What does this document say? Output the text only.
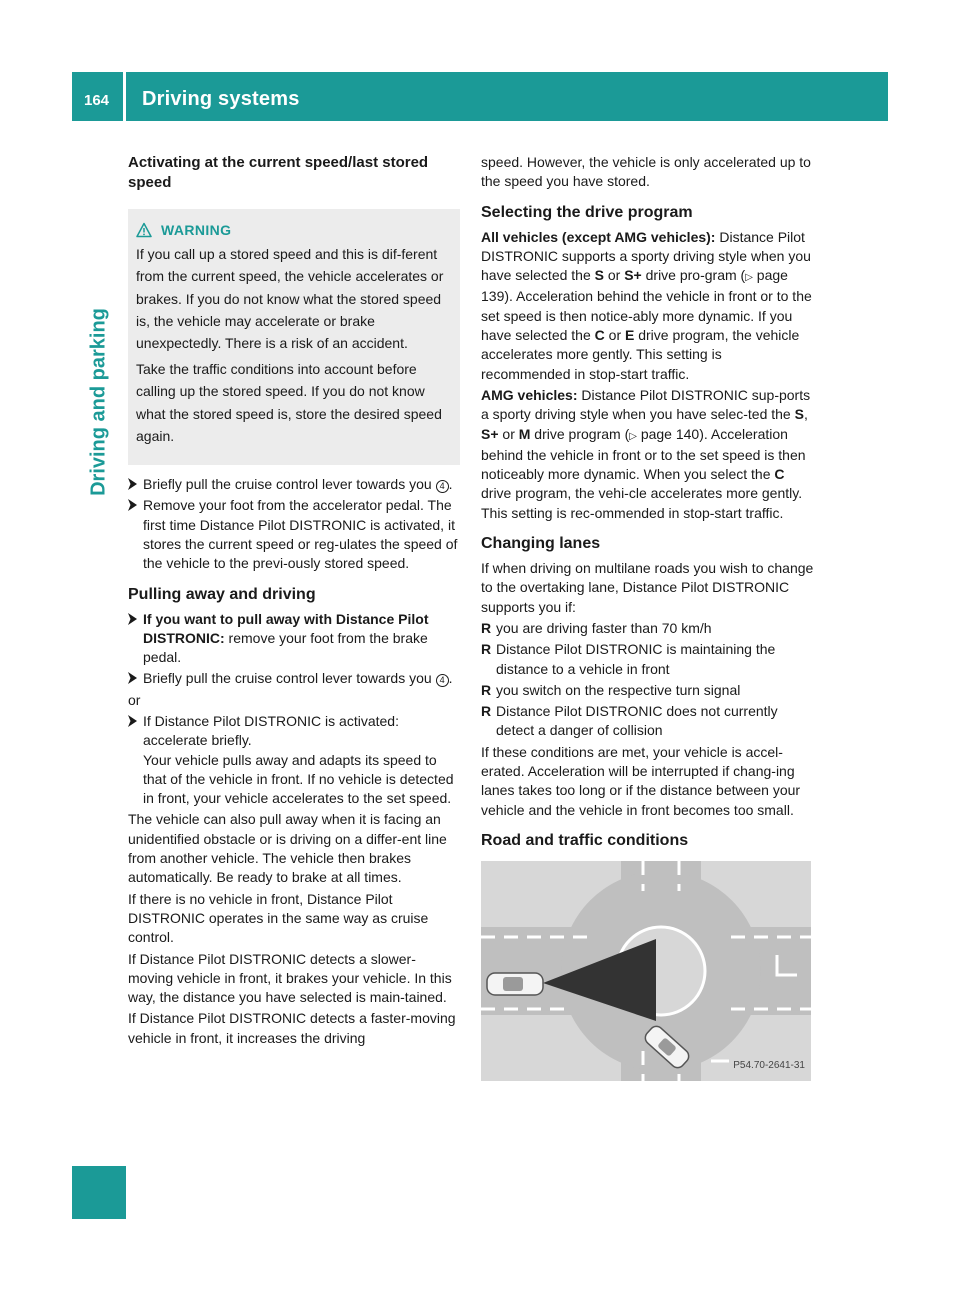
164	Driving systems
Driving and parking
Activating at the current speed/last stored speed
WARNING

If you call up a stored speed and this is dif-ferent from the current speed, the vehicle accelerates or brakes. If you do not know what the stored speed is, the vehicle may accelerate or brake unexpectedly. There is a risk of an accident.

Take the traffic conditions into account before calling up the stored speed. If you do not know what the stored speed is, store the desired speed again.

Briefly pull the cruise control lever towards you 4 .
Remove your foot from the accelerator pedal. The first time Distance Pilot DISTRONIC is activated, it stores the current speed or reg-ulates the speed of the vehicle to the previ-ously stored speed.
Pulling away and driving
If you want to pull away with Distance Pilot DISTRONIC: remove your foot from the brake pedal.
Briefly pull the cruise control lever towards you 4 .

or

If Distance Pilot DISTRONIC is activated: accelerate briefly.
Your vehicle pulls away and adapts its speed to that of the vehicle in front. If no vehicle is detected in front, your vehicle accelerates to the set speed.

The vehicle can also pull away when it is facing an unidentified obstacle or is driving on a differ-ent line from another vehicle. The vehicle then brakes automatically. Be ready to brake at all times.

If there is no vehicle in front, Distance Pilot DISTRONIC operates in the same way as cruise control.

If Distance Pilot DISTRONIC detects a slower-moving vehicle in front, it brakes your vehicle. In this way, the distance you have selected is main-tained.

If Distance Pilot DISTRONIC detects a faster-moving vehicle in front, it increases the driving

speed. However, the vehicle is only accelerated up to the speed you have stored.

Selecting the drive program

All vehicles (except AMG vehicles): Distance Pilot DISTRONIC supports a sporty driving style when you have selected the S or S+ drive pro-gram (▷ page 139). Acceleration behind the vehicle in front or to the set speed is then notice-ably more dynamic. If you have selected the C or E drive program, the vehicle accelerates more gently. This setting is recommended in stop-start traffic.

AMG vehicles: Distance Pilot DISTRONIC sup-ports a sporty driving style when you have selec-ted the S, S+ or M drive program (▷ page 140). Acceleration behind the vehicle in front or to the set speed is then noticeably more dynamic. When you select the C drive program, the vehi-cle accelerates more gently. This setting is rec-ommended in stop-start traffic.

Changing lanes

If when driving on multilane roads you wish to change to the overtaking lane, Distance Pilot DISTRONIC supports you if:

R you are driving faster than 70 km/h
R Distance Pilot DISTRONIC is maintaining the distance to a vehicle in front
R you switch on the respective turn signal
R Distance Pilot DISTRONIC does not currently detect a danger of collision

If these conditions are met, your vehicle is accel-erated. Acceleration will be interrupted if chang-ing lanes takes too long or if the distance between your vehicle and the vehicle in front becomes too small.

Road and traffic conditions
P54.70-2641-31
